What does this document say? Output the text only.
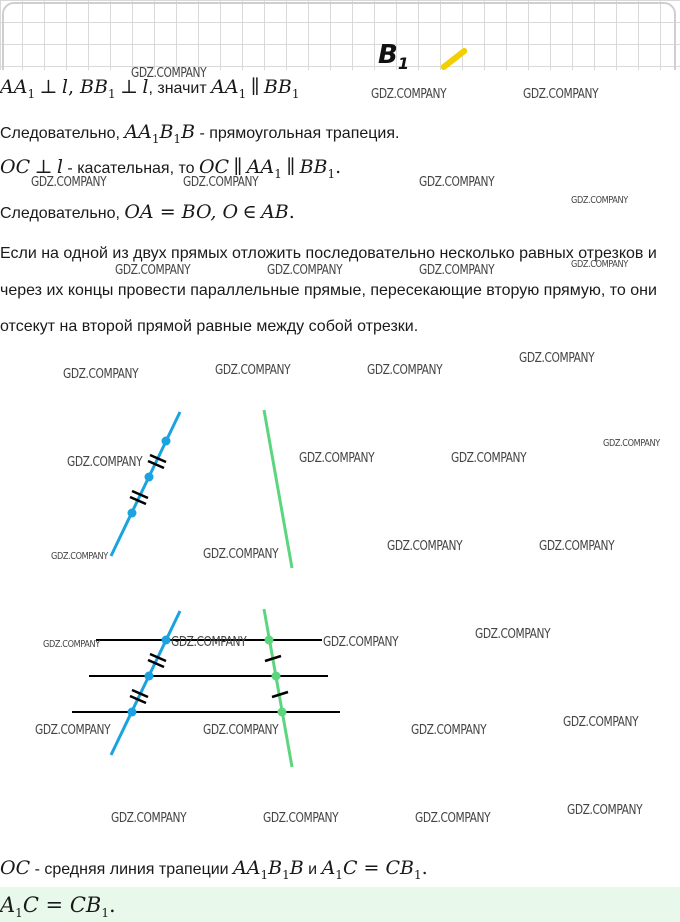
$B_1$
$AA_1$ ⊥ l, $BB_1$ ⊥ l, значит $AA_1$ ∥ $BB_1$
Следовательно, $AA_1B_1B$ - прямоугольная трапеция.
OC ⊥ l - касательная, то OC ∥ $AA_1$ ∥ $BB_1$.
Следовательно, OA = BO, O ∈ AB.
Если на одной из двух прямых отложить последовательно несколько равных отрезков и через их концы провести параллельные прямые, пересекающие вторую прямую, то они отсекут на второй прямой равные между собой отрезки.
OC - средняя линия трапеции $AA_1B_1B$ и $A_1C = CB_1$.
$A_1C = CB_1$.
GDZ.COMPANY
GDZ.COMPANY	GDZ.COMPANY
GDZ.COMPANY	GDZ.COMPANY	GDZ.COMPANY
GDZ.COMPANY
GDZ.COMPANY	GDZ.COMPANY	GDZ.COMPANY	GDZ.COMPANY
GDZ.COMPANY	GDZ.COMPANY	GDZ.COMPANY
GDZ.COMPANY
GDZ.COMPANY
GDZ.COMPANY	GDZ.COMPANY	GDZ.COMPANY
GDZ.COMPANY	GDZ.COMPANY
GDZ.COMPANY	GDZ.COMPANY
GDZ.COMPANY
GDZ.COMPANY	GDZ.COMPANY	GDZ.COMPANY
GDZ.COMPANY
GDZ.COMPANY	GDZ.COMPANY	GDZ.COMPANY
GDZ.COMPANY
GDZ.COMPANY	GDZ.COMPANY	GDZ.COMPANY
